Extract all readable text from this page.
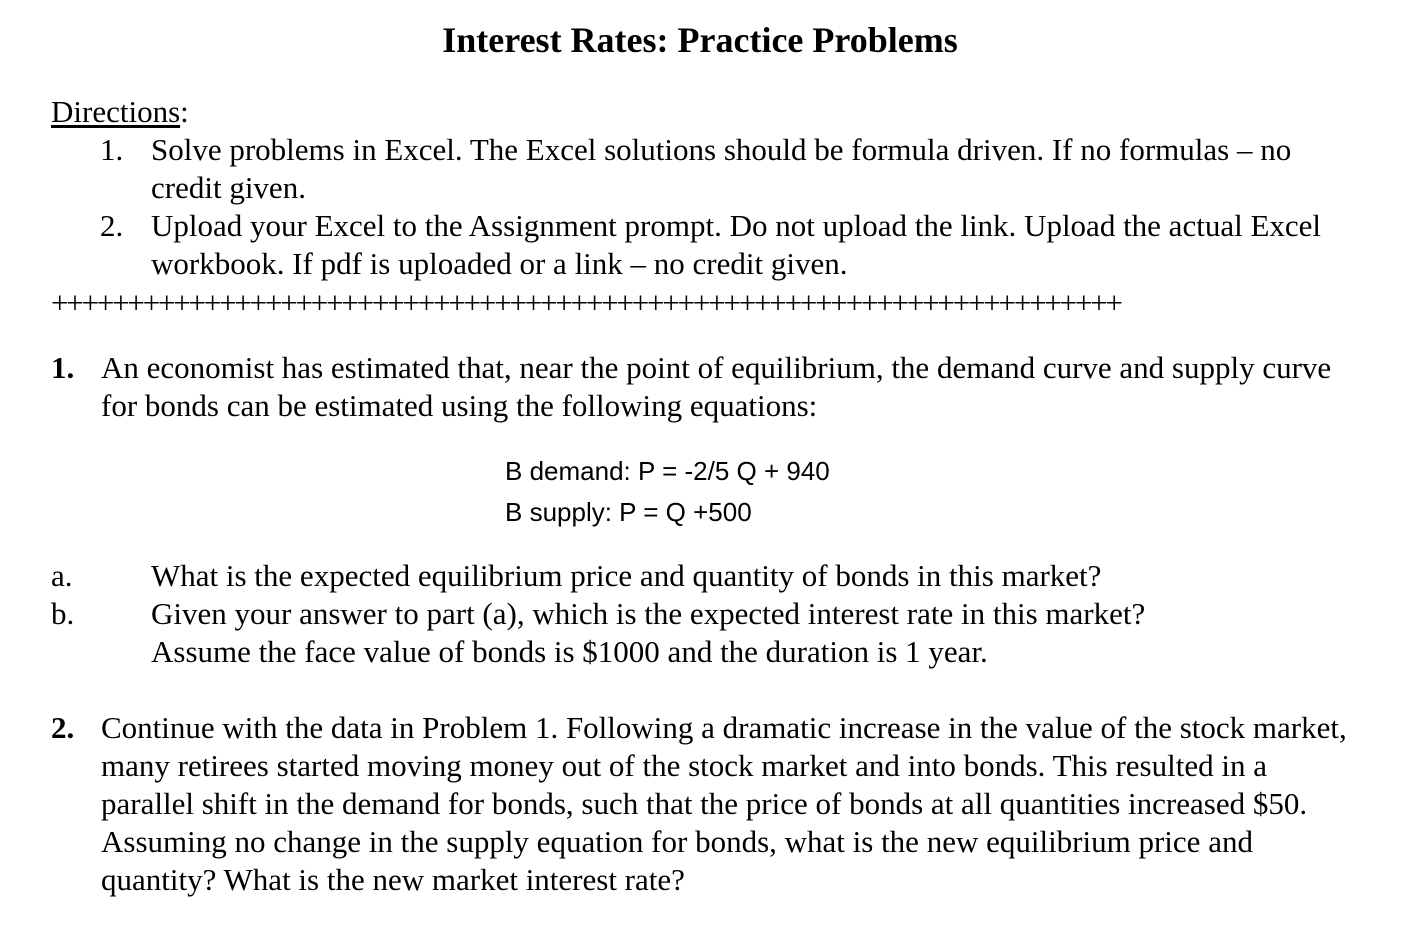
Interest Rates: Practice Problems
Directions:
1. Solve problems in Excel. The Excel solutions should be formula driven. If no formulas – no credit given.
2. Upload your Excel to the Assignment prompt. Do not upload the link. Upload the actual Excel workbook. If pdf is uploaded or a link – no credit given.
++++++++++++++++++++++++++++++++++++++++++++++++++++++++++++++++++++++
1. An economist has estimated that, near the point of equilibrium, the demand curve and supply curve for bonds can be estimated using the following equations:
B demand: P = -2/5 Q + 940
B supply: P = Q +500
a.	What is the expected equilibrium price and quantity of bonds in this market?
b. Given your answer to part (a), which is the expected interest rate in this market? Assume the face value of bonds is $1000 and the duration is 1 year.
2. Continue with the data in Problem 1. Following a dramatic increase in the value of the stock market, many retirees started moving money out of the stock market and into bonds. This resulted in a parallel shift in the demand for bonds, such that the price of bonds at all quantities increased $50. Assuming no change in the supply equation for bonds, what is the new equilibrium price and quantity? What is the new market interest rate?
